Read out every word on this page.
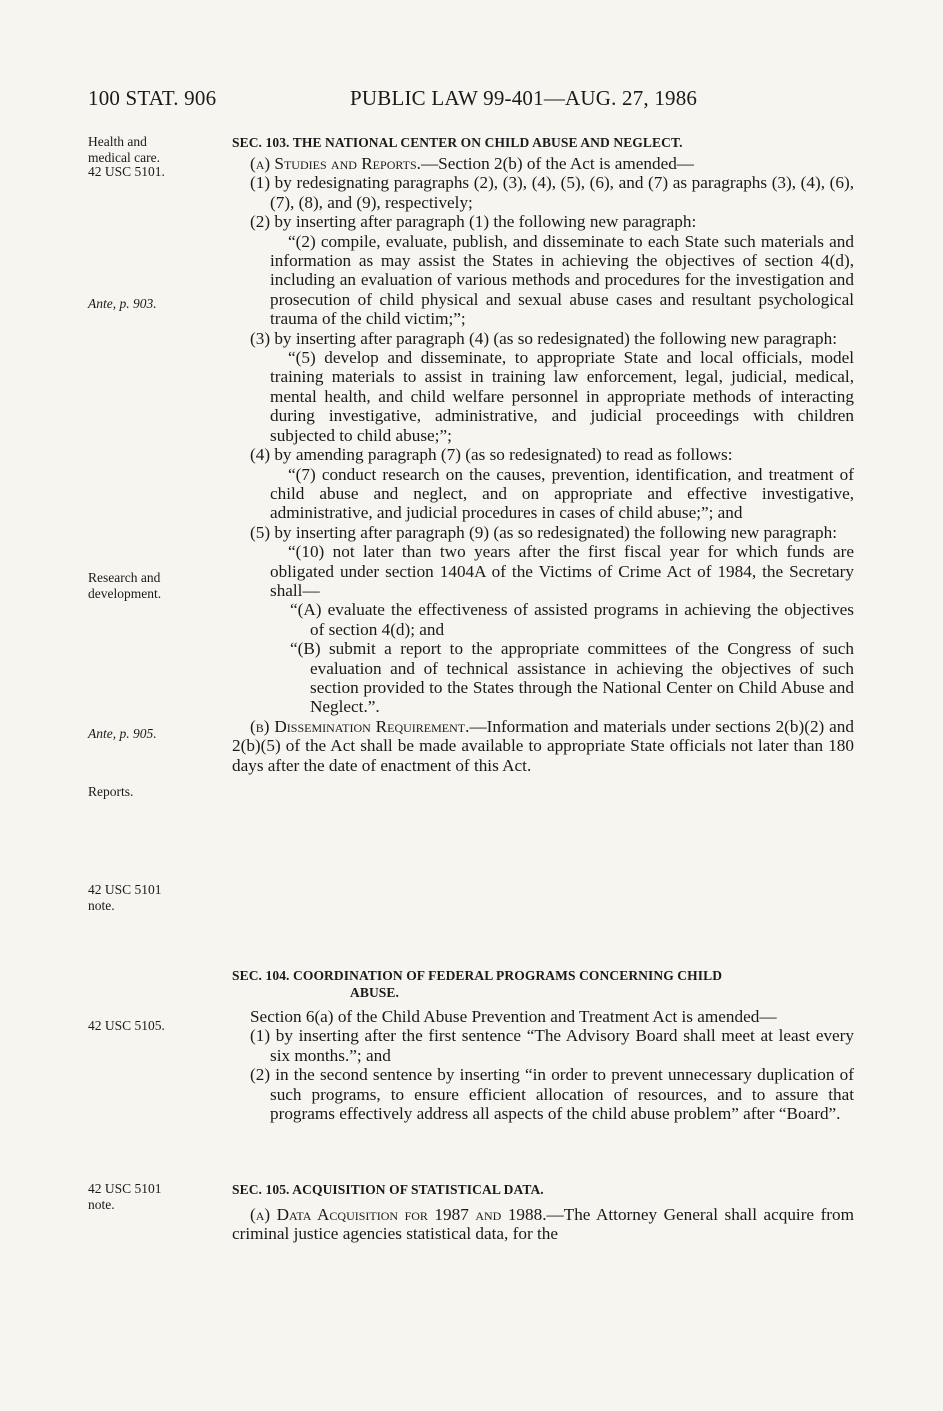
100 STAT. 906	PUBLIC LAW 99-401—AUG. 27, 1986
Health and medical care.
42 USC 5101.
Ante, p. 903.
Research and development.
Ante, p. 905.
Reports.
42 USC 5101 note.
42 USC 5105.
42 USC 5101 note.

SEC. 103. THE NATIONAL CENTER ON CHILD ABUSE AND NEGLECT.

(a) Studies and Reports.—Section 2(b) of the Act is amended—

(1) by redesignating paragraphs (2), (3), (4), (5), (6), and (7) as paragraphs (3), (4), (6), (7), (8), and (9), respectively;

(2) by inserting after paragraph (1) the following new paragraph:

“(2) compile, evaluate, publish, and disseminate to each State such materials and information as may assist the States in achieving the objectives of section 4(d), including an evaluation of various methods and procedures for the investigation and prosecution of child physical and sexual abuse cases and resultant psychological trauma of the child victim;”;

(3) by inserting after paragraph (4) (as so redesignated) the following new paragraph:

“(5) develop and disseminate, to appropriate State and local officials, model training materials to assist in training law enforcement, legal, judicial, medical, mental health, and child welfare personnel in appropriate methods of interacting during investigative, administrative, and judicial proceedings with children subjected to child abuse;”;

(4) by amending paragraph (7) (as so redesignated) to read as follows:

“(7) conduct research on the causes, prevention, identification, and treatment of child abuse and neglect, and on appropriate and effective investigative, administrative, and judicial procedures in cases of child abuse;”; and

(5) by inserting after paragraph (9) (as so redesignated) the following new paragraph:

“(10) not later than two years after the first fiscal year for which funds are obligated under section 1404A of the Victims of Crime Act of 1984, the Secretary shall—

“(A) evaluate the effectiveness of assisted programs in achieving the objectives of section 4(d); and

“(B) submit a report to the appropriate committees of the Congress of such evaluation and of technical assistance in achieving the objectives of such section provided to the States through the National Center on Child Abuse and Neglect.”.

(b) Dissemination Requirement.—Information and materials under sections 2(b)(2) and 2(b)(5) of the Act shall be made available to appropriate State officials not later than 180 days after the date of enactment of this Act.

SEC. 104. COORDINATION OF FEDERAL PROGRAMS CONCERNING CHILD
ABUSE.

Section 6(a) of the Child Abuse Prevention and Treatment Act is amended—

(1) by inserting after the first sentence “The Advisory Board shall meet at least every six months.”; and

(2) in the second sentence by inserting “in order to prevent unnecessary duplication of such programs, to ensure efficient allocation of resources, and to assure that programs effectively address all aspects of the child abuse problem” after “Board”.

SEC. 105. ACQUISITION OF STATISTICAL DATA.

(a) Data Acquisition for 1987 and 1988.—The Attorney General shall acquire from criminal justice agencies statistical data, for the
